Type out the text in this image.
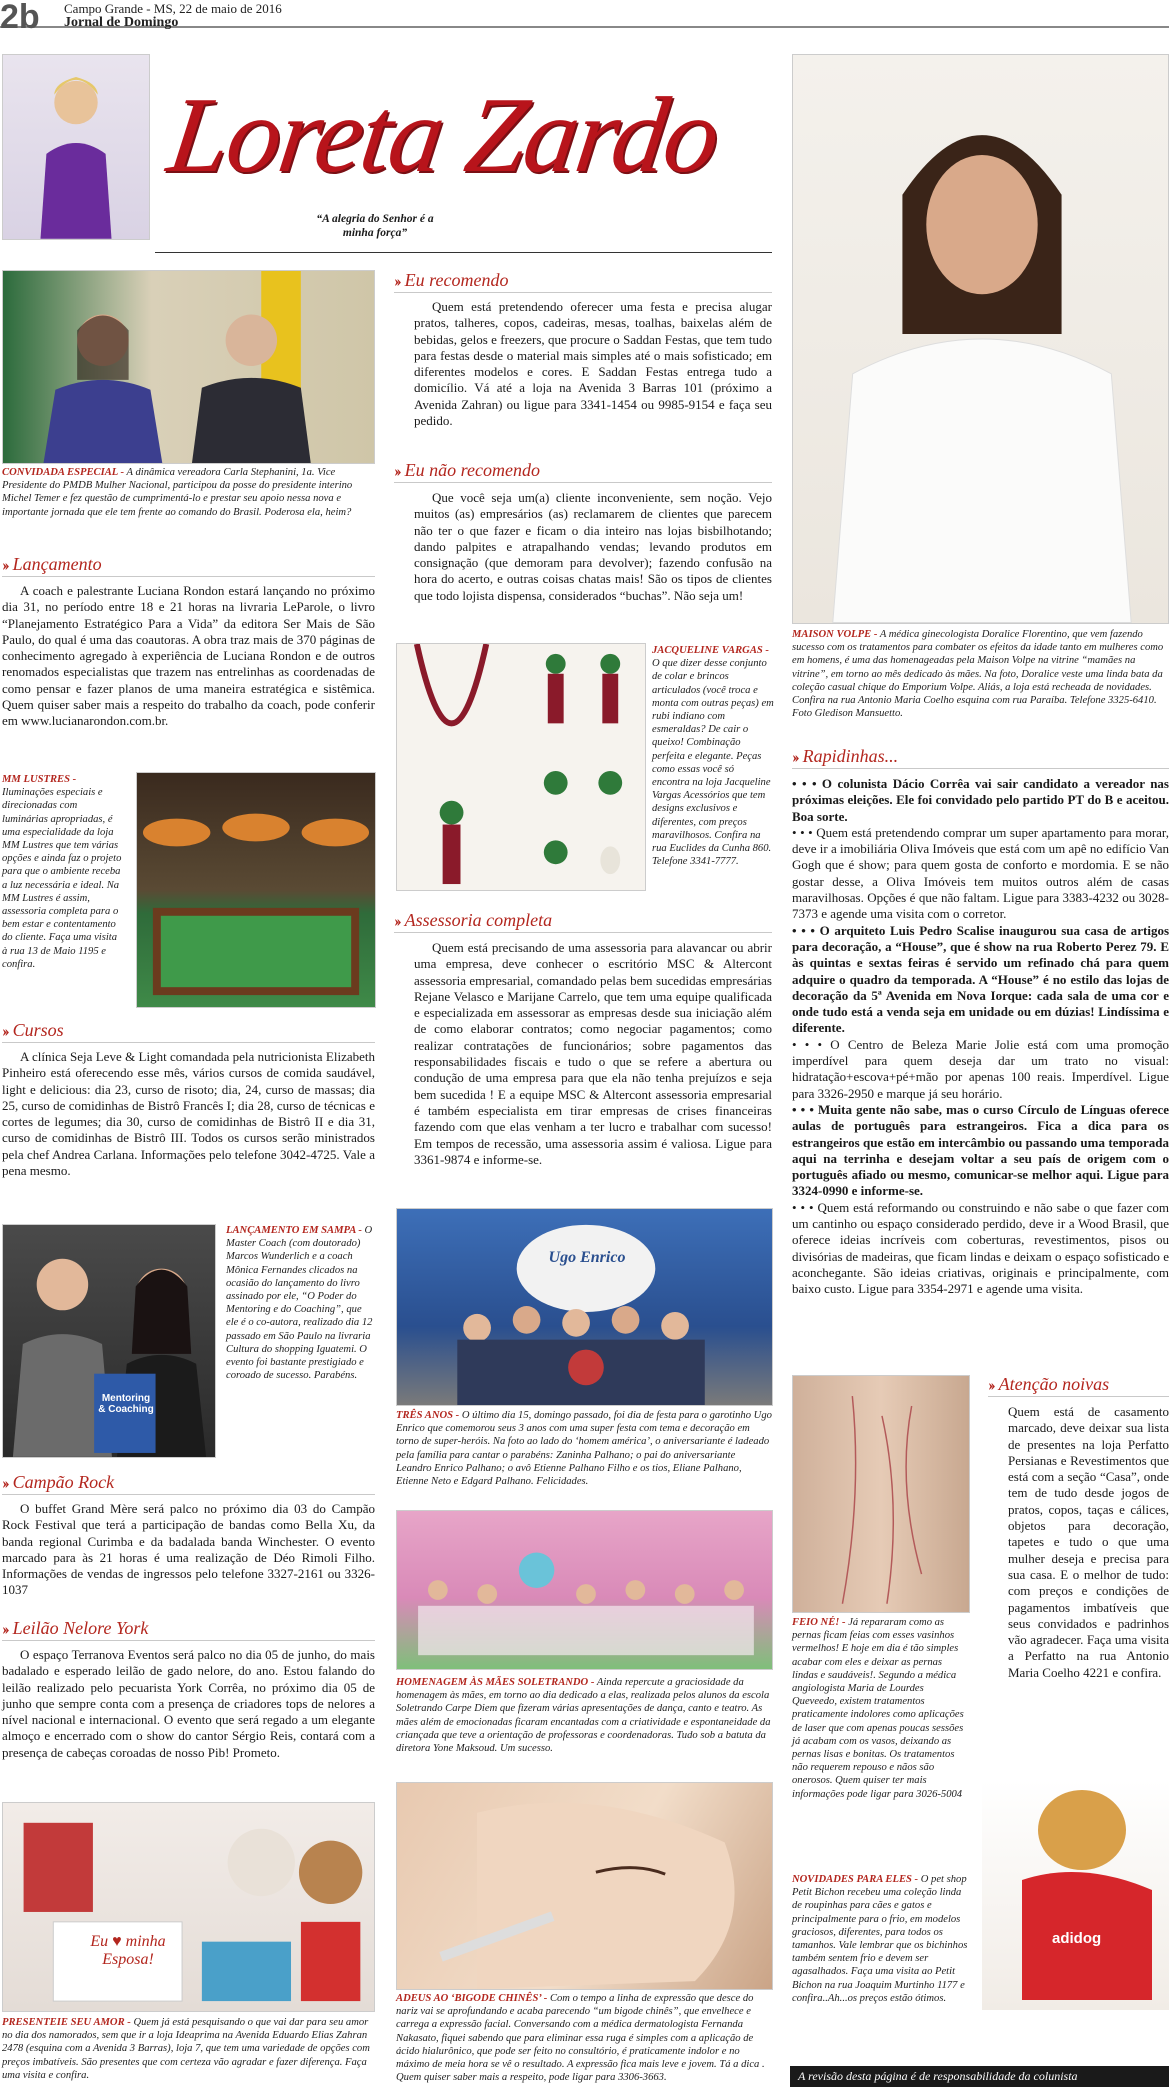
2b Campo Grande - MS, 22 de maio de 2016
Jornal de Domingo
Loreta Zardo
“A alegria do Senhor é a minha força”
CONVIDADA ESPECIAL - A dinâmica vereadora Carla Stephanini, 1a. Vice Presidente do PMDB Mulher Nacional, participou da posse do presidente interino Michel Temer e fez questão de cumprimentá-lo e prestar seu apoio nessa nova e importante jornada que ele tem frente ao comando do Brasil. Poderosa ela, heim?
›› Lançamento
A coach e palestrante Luciana Rondon estará lançando no próximo dia 31, no período entre 18 e 21 horas na livraria LeParole, o livro “Planejamento Estratégico Para a Vida” da editora Ser Mais de São Paulo, do qual é uma das coautoras. A obra traz mais de 370 páginas de conhecimento agregado à experiência de Luciana Rondon e de outros renomados especialistas que trazem nas entrelinhas as coordenadas de como pensar e fazer planos de uma maneira estratégica e sistêmica. Quem quiser saber mais a respeito do trabalho da coach, pode conferir em www.lucianarondon.com.br.
MM LUSTRES - Iluminações especiais e direcionadas com luminárias apropriadas, é uma especialidade da loja MM Lustres que tem várias opções e ainda faz o projeto para que o ambiente receba a luz necessária e ideal. Na MM Lustres é assim, assessoria completa para o bem estar e contentamento do cliente. Faça uma visita à rua 13 de Maio 1195 e confira.
›› Cursos
A clínica Seja Leve & Light comandada pela nutricionista Elizabeth Pinheiro está oferecendo esse mês, vários cursos de comida saudável, light e delicious: dia 23, curso de risoto; dia, 24, curso de massas; dia 25, curso de comidinhas de Bistrô Francês I; dia 28, curso de técnicas e cortes de legumes; dia 30, curso de comidinhas de Bistrô II e dia 31, curso de comidinhas de Bistrô III. Todos os cursos serão ministrados pela chef Andrea Carlana. Informações pelo telefone 3042-4725. Vale a pena mesmo.
Mentoring & Coaching
LANÇAMENTO EM SAMPA - O Master Coach (com doutorado) Marcos Wunderlich e a coach Mônica Fernandes clicados na ocasião do lançamento do livro assinado por ele, “O Poder do Mentoring e do Coaching”, que ele é o co-autora, realizado dia 12 passado em São Paulo na livraria Cultura do shopping Iguatemi. O evento foi bastante prestigiado e coroado de sucesso. Parabéns.
›› Campão Rock
O buffet Grand Mère será palco no próximo dia 03 do Campão Rock Festival que terá a participação de bandas como Bella Xu, da banda regional Curimba e da badalada banda Winchester. O evento marcado para às 21 horas é uma realização de Déo Rimoli Filho. Informações de vendas de ingressos pelo telefone 3327-2161 ou 3326-1037
›› Leilão Nelore York
O espaço Terranova Eventos será palco no dia 05 de junho, do mais badalado e esperado leilão de gado nelore, do ano. Estou falando do leilão realizado pelo pecuarista York Corrêa, no próximo dia 05 de junho que sempre conta com a presença de criadores tops de nelores a nível nacional e internacional. O evento que será regado a um elegante almoço e encerrado com o show do cantor Sérgio Reis, contará com a presença de cabeças coroadas de nosso Pib! Prometo.
Eu ♥ minha Esposa!
PRESENTEIE SEU AMOR - Quem já está pesquisando o que vai dar para seu amor no dia dos namorados, sem que ir a loja Ideaprima na Avenida Eduardo Elias Zahran 2478 (esquina com a Avenida 3 Barras), loja 7, que tem uma variedade de opções com preços imbatíveis. São presentes que com certeza vão agradar e fazer diferença. Faça uma visita e confira.
›› Eu recomendo
Quem está pretendendo oferecer uma festa e precisa alugar pratos, talheres, copos, cadeiras, mesas, toalhas, baixelas além de bebidas, gelos e freezers, que procure o Saddan Festas, que tem tudo para festas desde o material mais simples até o mais sofisticado; em diferentes modelos e cores. E Saddan Festas entrega tudo a domicílio. Vá até a loja na Avenida 3 Barras 101 (próximo a Avenida Zahran) ou ligue para 3341-1454 ou 9985-9154 e faça seu pedido.
›› Eu não recomendo
Que você seja um(a) cliente inconveniente, sem noção. Vejo muitos (as) empresários (as) reclamarem de clientes que parecem não ter o que fazer e ficam o dia inteiro nas lojas bisbilhotando; dando palpites e atrapalhando vendas; levando produtos em consignação (que demoram para devolver); fazendo confusão na hora do acerto, e outras coisas chatas mais! São os tipos de clientes que todo lojista dispensa, considerados “buchas”. Não seja um!
JACQUELINE VARGAS - O que dizer desse conjunto de colar e brincos articulados (você troca e monta com outras peças) em rubi indiano com esmeraldas? De cair o queixo! Combinação perfeita e elegante. Peças como essas você só encontra na loja Jacqueline Vargas Acessórios que tem designs exclusivos e diferentes, com preços maravilhosos. Confira na rua Euclides da Cunha 860. Telefone 3341-7777.
›› Assessoria completa
Quem está precisando de uma assessoria para alavancar ou abrir uma empresa, deve conhecer o escritório MSC & Altercont assessoria empresarial, comandado pelas bem sucedidas empresárias Rejane Velasco e Marijane Carrelo, que tem uma equipe qualificada e especializada em assessorar as empresas desde sua iniciação além de como elaborar contratos; como negociar pagamentos; como realizar contratações de funcionários; sobre pagamentos das responsabilidades fiscais e tudo o que se refere a abertura ou condução de uma empresa para que ela não tenha prejuízos e seja bem sucedida ! E a equipe MSC & Altercont assessoria empresarial é também especialista em tirar empresas de crises financeiras fazendo com que elas venham a ter lucro e trabalhar com sucesso! Em tempos de recessão, uma assessoria assim é valiosa. Ligue para 3361-9874 e informe-se.
Ugo Enrico
TRÊS ANOS - O último dia 15, domingo passado, foi dia de festa para o garotinho Ugo Enrico que comemorou seus 3 anos com uma super festa com tema e decoração em torno de super-heróis. Na foto ao lado do ‘homem américa’, o aniversariante é ladeado pela família para cantar o parabéns: Zaninha Palhano; o pai do aniversariante Leandro Enrico Palhano; o avô Etienne Palhano Filho e os tios, Eliane Palhano, Etienne Neto e Edgard Palhano. Felicidades.
HOMENAGEM ÀS MÃES SOLETRANDO - Ainda repercute a graciosidade da homenagem às mães, em torno ao dia dedicado a elas, realizada pelos alunos da escola Soletrando Carpe Diem que fizeram várias apresentações de dança, canto e teatro. As mães além de emocionadas ficaram encantadas com a criatividade e espontaneidade da criançada que teve a orientação de professoras e coordenadoras. Tudo sob a batuta da diretora Yone Maksoud. Um sucesso.
ADEUS AO ‘BIGODE CHINÊS’ - Com o tempo a linha de expressão que desce do nariz vai se aprofundando e acaba parecendo “um bigode chinês”, que envelhece e carrega a expressão facial. Conversando com a médica dermatologista Fernanda Nakasato, fiquei sabendo que para eliminar essa ruga é simples com a aplicação de ácido hialurônico, que pode ser feito no consultório, é praticamente indolor e no máximo de meia hora se vê o resultado. A expressão fica mais leve e jovem. Tá a dica . Quem quiser saber mais a respeito, pode ligar para 3306-3663.
MAISON VOLPE - A médica ginecologista Doralice Florentino, que vem fazendo sucesso com os tratamentos para combater os efeitos da idade tanto em mulheres como em homens, é uma das homenageadas pela Maison Volpe na vitrine “mamães na vitrine”, em torno ao mês dedicado às mães. Na foto, Doralice veste uma linda bata da coleção casual chique do Emporium Volpe. Aliás, a loja está recheada de novidades. Confira na rua Antonio Maria Coelho esquina com rua Paraíba. Telefone 3325-6410. Foto Gledison Mansuetto.
›› Rapidinhas...
• • • O colunista Dácio Corrêa vai sair candidato a vereador nas próximas eleições. Ele foi convidado pelo partido PT do B e aceitou. Boa sorte.
• • • Quem está pretendendo comprar um super apartamento para morar, deve ir a imobiliária Oliva Imóveis que está com um apê no edifício Van Gogh que é show; para quem gosta de conforto e mordomia. E se não gostar desse, a Oliva Imóveis tem muitos outros além de casas maravilhosas. Opções é que não faltam. Ligue para 3383-4232 ou 3028-7373 e agende uma visita com o corretor.
• • • O arquiteto Luis Pedro Scalise inaugurou sua casa de artigos para decoração, a “House”, que é show na rua Roberto Perez 79. E às quintas e sextas feiras é servido um refinado chá para quem adquire o quadro da temporada. A “House” é no estilo das lojas de decoração da 5ª Avenida em Nova Iorque: cada sala de uma cor e onde tudo está a venda seja em unidade ou em dúzias! Lindíssima e diferente.
• • • O Centro de Beleza Marie Jolie está com uma promoção imperdível para quem deseja dar um trato no visual: hidratação+escova+pé+mão por apenas 100 reais. Imperdível. Ligue para 3326-2950 e marque já seu horário.
• • • Muita gente não sabe, mas o curso Círculo de Línguas oferece aulas de português para estrangeiros. Fica a dica para os estrangeiros que estão em intercâmbio ou passando uma temporada aqui na terrinha e desejam voltar a seu país de origem com o português afiado ou mesmo, comunicar-se melhor aqui. Ligue para 3324-0990 e informe-se.
• • • Quem está reformando ou construindo e não sabe o que fazer com um cantinho ou espaço considerado perdido, deve ir a Wood Brasil, que oferece ideias incríveis com coberturas, revestimentos, pisos ou divisórias de madeiras, que ficam lindas e deixam o espaço sofisticado e aconchegante. São ideias criativas, originais e principalmente, com baixo custo. Ligue para 3354-2971 e agende uma visita.
FEIO NÉ! - Já repararam como as pernas ficam feias com esses vasinhos vermelhos! E hoje em dia é tão simples acabar com eles e deixar as pernas lindas e saudáveis!. Segundo a médica angiologista Maria de Lourdes Queveedo, existem tratamentos praticamente indolores como aplicações de laser que com apenas poucas sessões já acabam com os vasos, deixando as pernas lisas e bonitas. Os tratamentos não requerem repouso e nãos são onerosos. Quem quiser ter mais informações pode ligar para 3026-5004
›› Atenção noivas
Quem está de casamento marcado, deve deixar sua lista de presentes na loja Perfatto Persianas e Revestimentos que está com a seção “Casa”, onde tem de tudo desde jogos de pratos, copos, taças e cálices, objetos para decoração, tapetes e tudo o que uma mulher deseja e precisa para sua casa. E o melhor de tudo: com preços e condições de pagamentos imbatíveis que seus convidados e padrinhos vão agradecer. Faça uma visita a Perfatto na rua Antonio Maria Coelho 4221 e confira.
adidog
NOVIDADES PARA ELES - O pet shop Petit Bichon recebeu uma coleção linda de roupinhas para cães e gatos e principalmente para o frio, em modelos graciosos, diferentes, para todos os tamanhos. Vale lembrar que os bichinhos também sentem frio e devem ser agasalhados. Faça uma visita ao Petit Bichon na rua Joaquim Murtinho 1177 e confira..Ah...os preços estão ótimos.
A revisão desta página é de responsabilidade da colunista
